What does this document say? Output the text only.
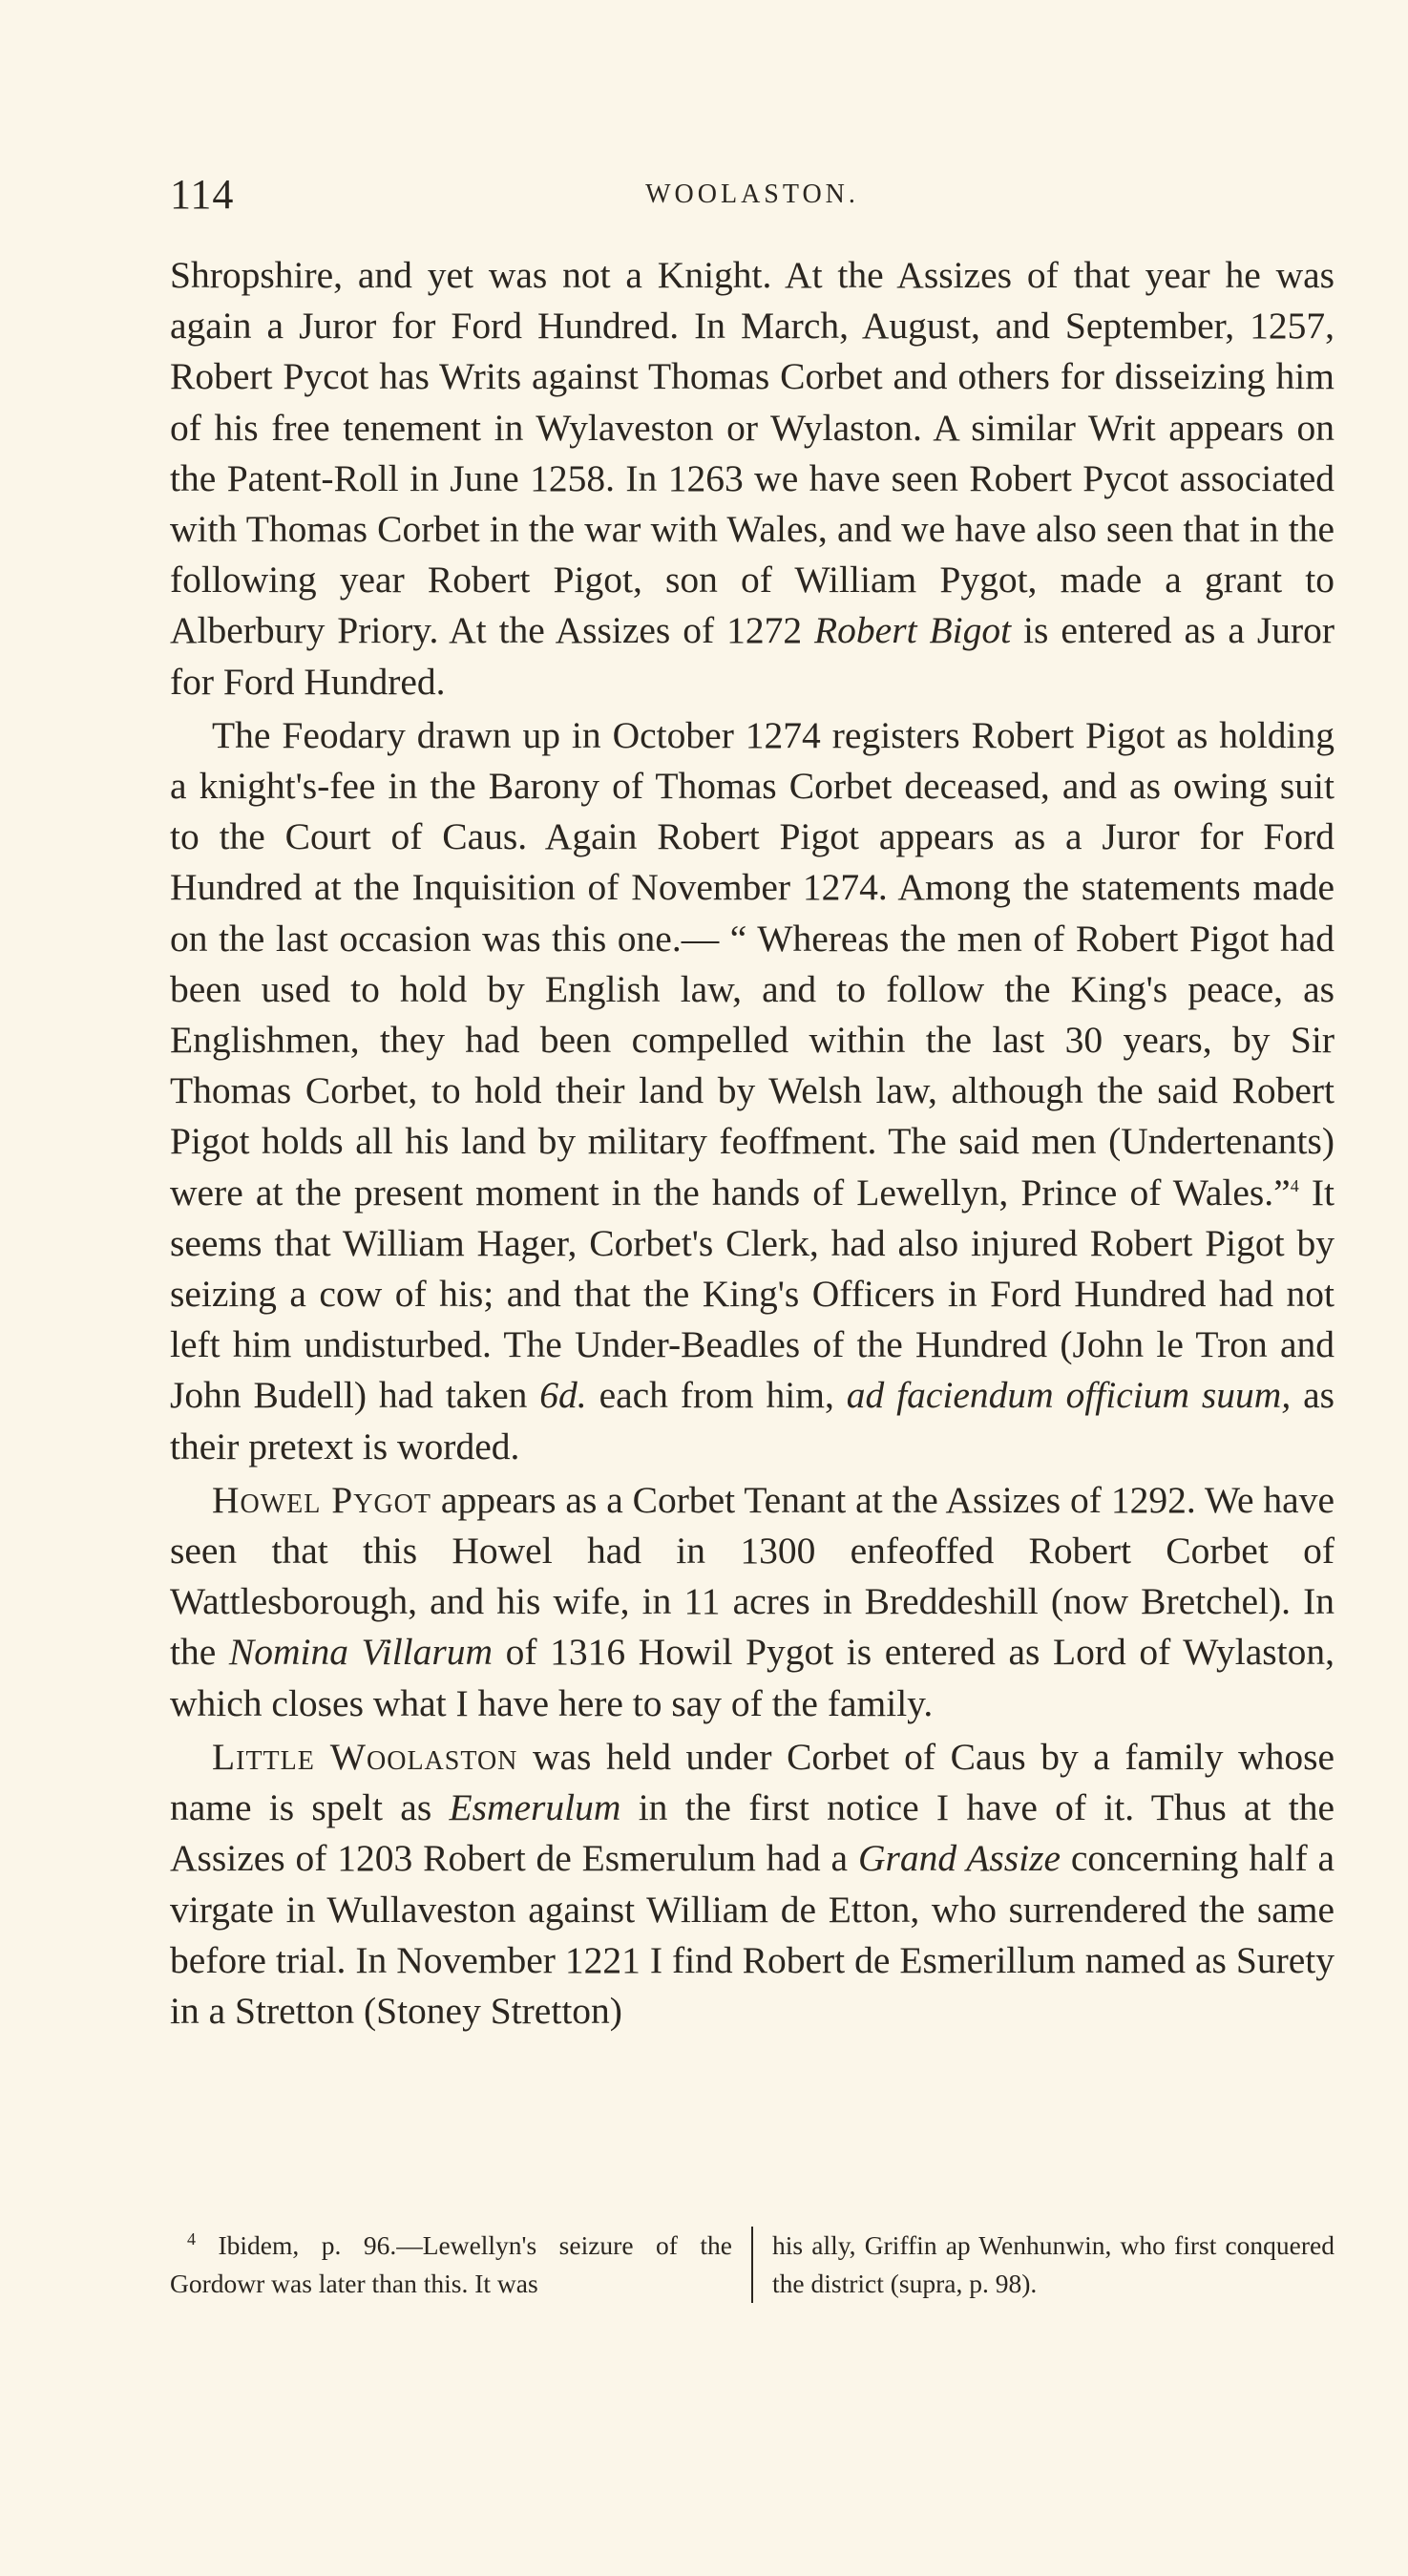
114	WOOLASTON.

Shropshire, and yet was not a Knight. At the Assizes of that year he was again a Juror for Ford Hundred. In March, August, and September, 1257, Robert Pycot has Writs against Thomas Corbet and others for disseizing him of his free tenement in Wylaveston or Wylaston. A similar Writ appears on the Patent-Roll in June 1258. In 1263 we have seen Robert Pycot associated with Thomas Corbet in the war with Wales, and we have also seen that in the following year Robert Pigot, son of William Pygot, made a grant to Alberbury Priory. At the Assizes of 1272 Robert Bigot is entered as a Juror for Ford Hundred.

The Feodary drawn up in October 1274 registers Robert Pigot as holding a knight's-fee in the Barony of Thomas Corbet deceased, and as owing suit to the Court of Caus. Again Robert Pigot appears as a Juror for Ford Hundred at the Inquisition of November 1274. Among the statements made on the last occasion was this one.— “ Whereas the men of Robert Pigot had been used to hold by English law, and to follow the King's peace, as Englishmen, they had been compelled within the last 30 years, by Sir Thomas Corbet, to hold their land by Welsh law, although the said Robert Pigot holds all his land by military feoffment. The said men (Undertenants) were at the present moment in the hands of Lewellyn, Prince of Wales.”$^4$ It seems that William Hager, Corbet's Clerk, had also injured Robert Pigot by seizing a cow of his; and that the King's Officers in Ford Hundred had not left him undisturbed. The Under-Beadles of the Hundred (John le Tron and John Budell) had taken 6d. each from him, ad faciendum officium suum, as their pretext is worded.

Howel Pygot appears as a Corbet Tenant at the Assizes of 1292. We have seen that this Howel had in 1300 enfeoffed Robert Corbet of Wattlesborough, and his wife, in 11 acres in Breddeshill (now Bretchel). In the Nomina Villarum of 1316 Howil Pygot is entered as Lord of Wylaston, which closes what I have here to say of the family.

Little Woolaston was held under Corbet of Caus by a family whose name is spelt as Esmerulum in the first notice I have of it. Thus at the Assizes of 1203 Robert de Esmerulum had a Grand Assize concerning half a virgate in Wullaveston against William de Etton, who surrendered the same before trial. In November 1221 I find Robert de Esmerillum named as Surety in a Stretton (Stoney Stretton)

$^4$ Ibidem, p. 96.—Lewellyn's seizure of the Gordowr was later than this. It was
his ally, Griffin ap Wenhunwin, who first conquered the district (supra, p. 98).
